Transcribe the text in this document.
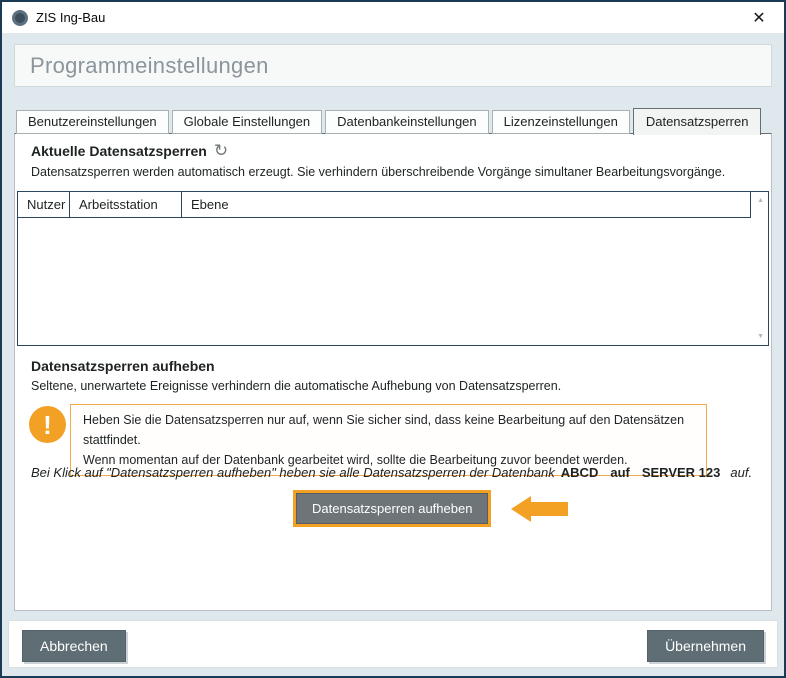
ZIS Ing-Bau	✕
Programmeinstellungen
Benutzereinstellungen	Globale Einstellungen	Datenbankeinstellungen	Lizenzeinstellungen	Datensatzsperren
Aktuelle Datensatzsperren ↻
Datensatzsperren werden automatisch erzeugt. Sie verhindern überschreibende Vorgänge simultaner Bearbeitungsvorgänge.
Nutzer	Arbeitsstation	Ebene	▲
▼
Datensatzsperren aufheben
Seltene, unerwartete Ereignisse verhindern die automatische Aufhebung von Datensatzsperren.
!	Heben Sie die Datensatzsperren nur auf, wenn Sie sicher sind, dass keine Bearbeitung auf den Datensätzen stattfindet.
Wenn momentan auf der Datenbank gearbeitet wird, sollte die Bearbeitung zuvor beendet werden.
Bei Klick auf "Datensatzsperren aufheben" heben sie alle Datensatzsperren der Datenbank ABCD auf SERVER 123 auf.
Datensatzsperren aufheben
Abbrechen	Übernehmen
